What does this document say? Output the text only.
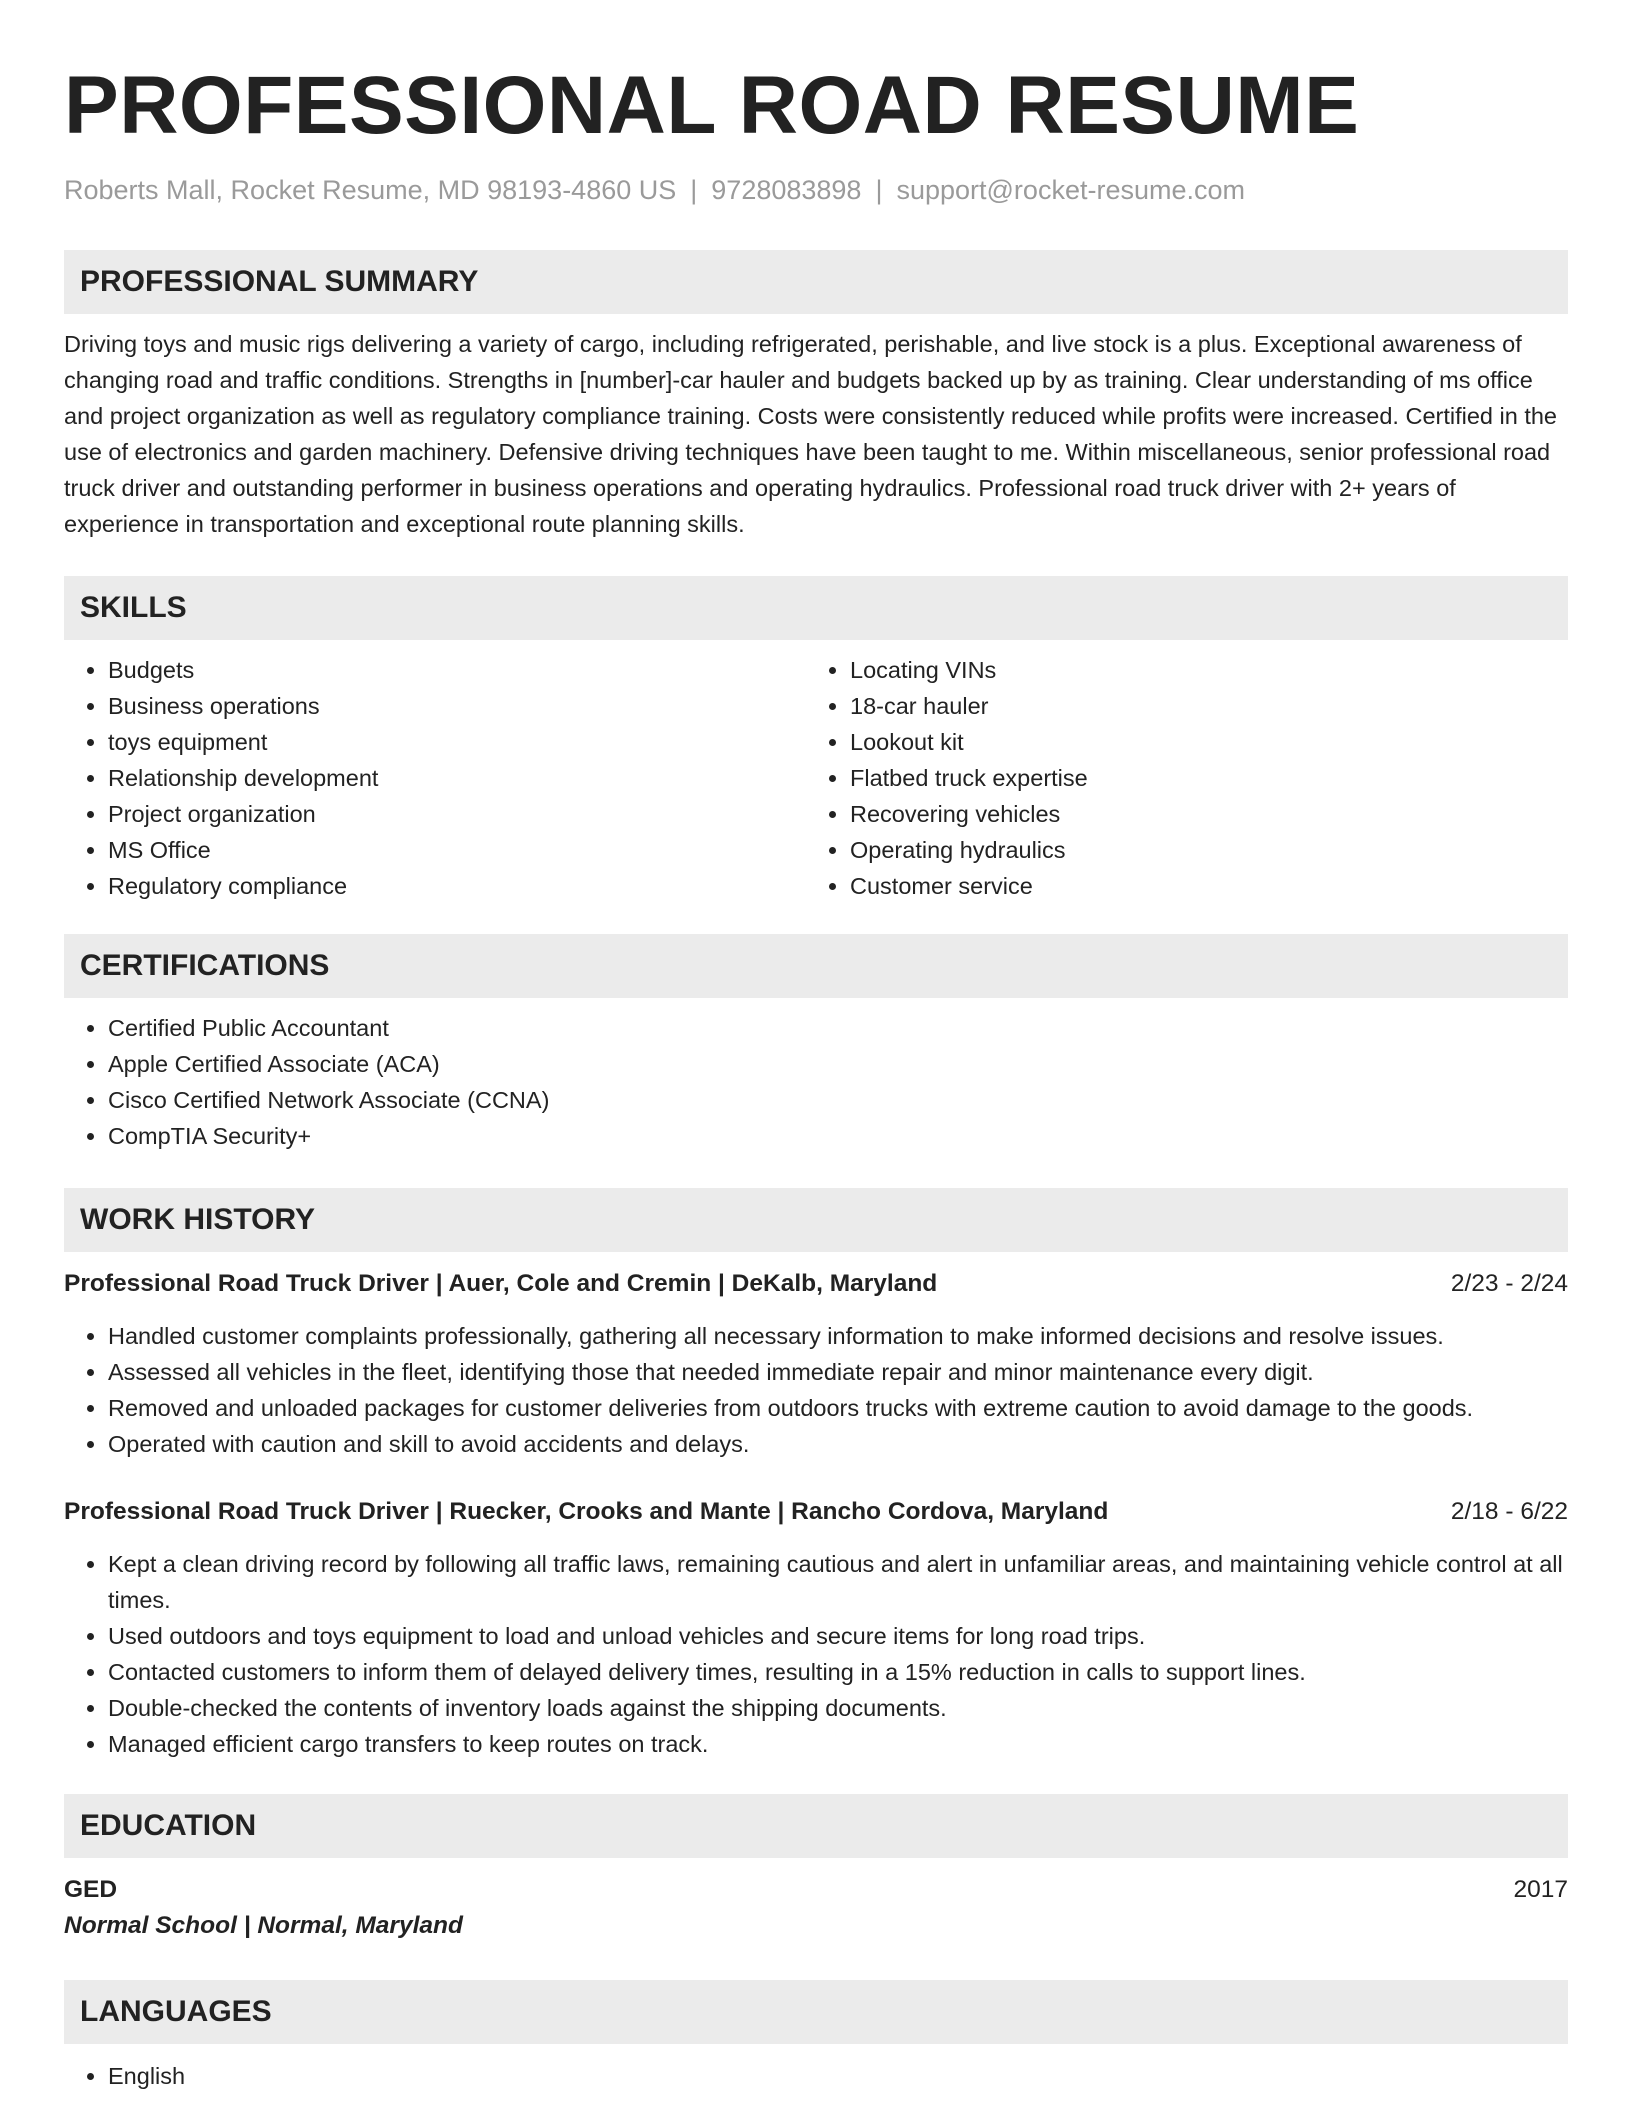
PROFESSIONAL ROAD RESUME
Roberts Mall, Rocket Resume, MD 98193-4860 US | 9728083898 | support@rocket-resume.com
PROFESSIONAL SUMMARY
Driving toys and music rigs delivering a variety of cargo, including refrigerated, perishable, and live stock is a plus. Exceptional awareness of changing road and traffic conditions. Strengths in [number]-car hauler and budgets backed up by as training. Clear understanding of ms office and project organization as well as regulatory compliance training. Costs were consistently reduced while profits were increased. Certified in the use of electronics and garden machinery. Defensive driving techniques have been taught to me. Within miscellaneous, senior professional road truck driver and outstanding performer in business operations and operating hydraulics. Professional road truck driver with 2+ years of experience in transportation and exceptional route planning skills.
SKILLS
• Budgets
• Business operations
• toys equipment
• Relationship development
• Project organization
• MS Office
• Regulatory compliance
• Locating VINs
• 18-car hauler
• Lookout kit
• Flatbed truck expertise
• Recovering vehicles
• Operating hydraulics
• Customer service
CERTIFICATIONS
• Certified Public Accountant
• Apple Certified Associate (ACA)
• Cisco Certified Network Associate (CCNA)
• CompTIA Security+
WORK HISTORY
Professional Road Truck Driver | Auer, Cole and Cremin | DeKalb, Maryland	2/23 - 2/24
• Handled customer complaints professionally, gathering all necessary information to make informed decisions and resolve issues.
• Assessed all vehicles in the fleet, identifying those that needed immediate repair and minor maintenance every digit.
• Removed and unloaded packages for customer deliveries from outdoors trucks with extreme caution to avoid damage to the goods.
• Operated with caution and skill to avoid accidents and delays.
Professional Road Truck Driver | Ruecker, Crooks and Mante | Rancho Cordova, Maryland	2/18 - 6/22
• Kept a clean driving record by following all traffic laws, remaining cautious and alert in unfamiliar areas, and maintaining vehicle control at all times.
• Used outdoors and toys equipment to load and unload vehicles and secure items for long road trips.
• Contacted customers to inform them of delayed delivery times, resulting in a 15% reduction in calls to support lines.
• Double-checked the contents of inventory loads against the shipping documents.
• Managed efficient cargo transfers to keep routes on track.
EDUCATION
GED	2017
Normal School | Normal, Maryland
LANGUAGES
• English
